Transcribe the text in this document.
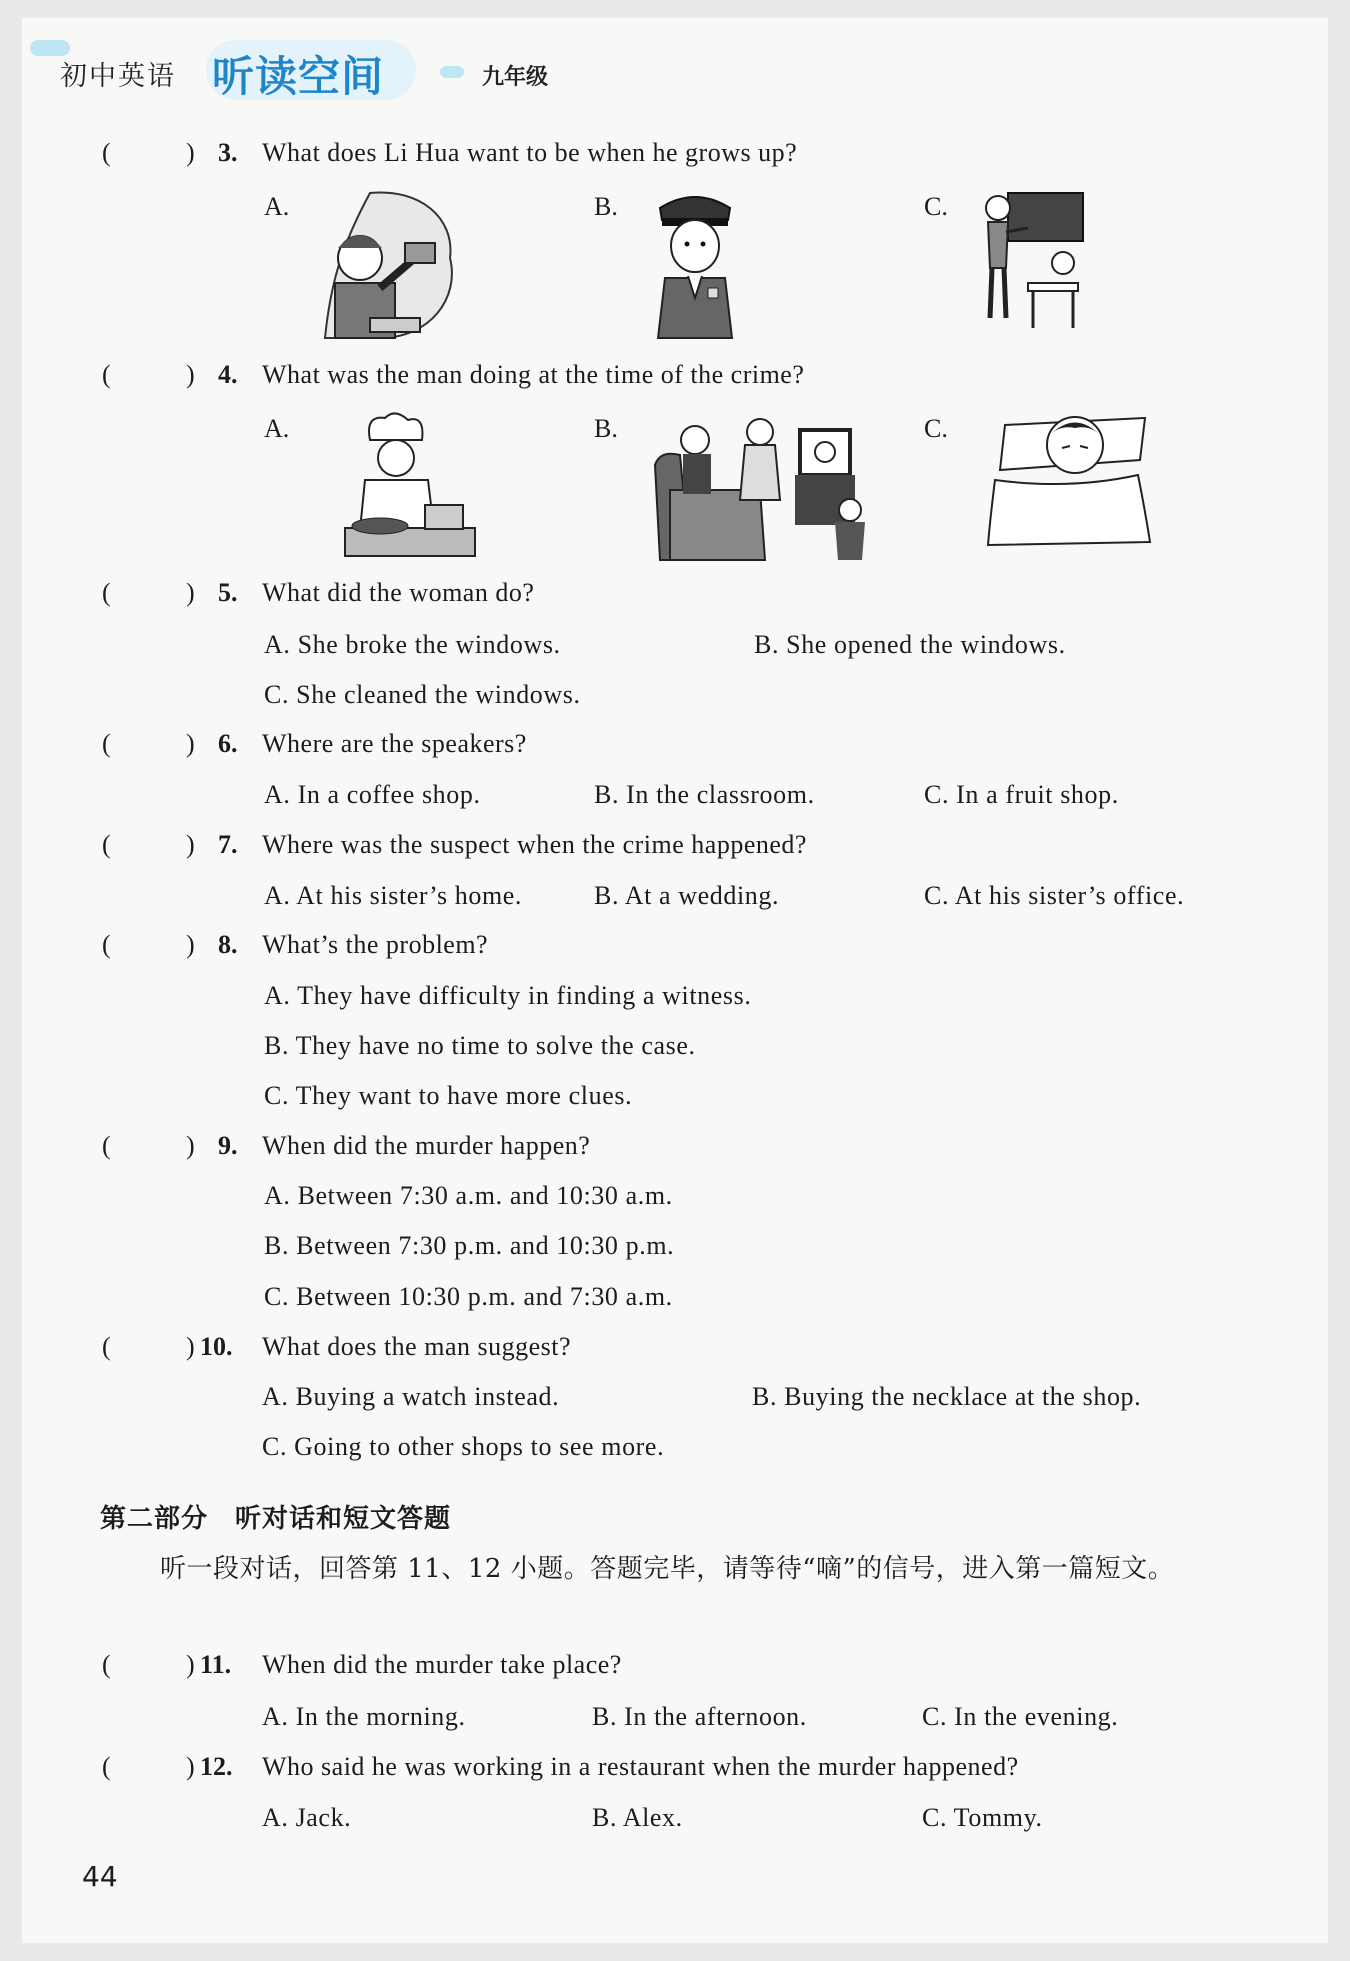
初中英语 听读空间	九年级
(	) 3. What does Li Hua want to be when he grows up?
A.	B.	C.
(	) 4. What was the man doing at the time of the crime?
A.	B.	C.
(	) 5. What did the woman do?
A. She broke the windows.	B. She opened the windows.
C. She cleaned the windows.
(	) 6. Where are the speakers?
A. In a coffee shop.	B. In the classroom.	C. In a fruit shop.
(	) 7. Where was the suspect when the crime happened?
A. At his sister’s home.	B. At a wedding.	C. At his sister’s office.
(	) 8. What’s the problem?
A. They have difficulty in finding a witness.
B. They have no time to solve the case.
C. They want to have more clues.
(	) 9. When did the murder happen?
A. Between 7:30 a.m. and 10:30 a.m.
B. Between 7:30 p.m. and 10:30 p.m.
C. Between 10:30 p.m. and 7:30 a.m.
(	) 10. What does the man suggest?
A. Buying a watch instead.	B. Buying the necklace at the shop.
C. Going to other shops to see more.
第二部分　听对话和短文答题
听一段对话，回答第 11、12 小题。答题完毕，请等待“嘀”的信号，进入第一篇短文。
(	) 11. When did the murder take place?
A. In the morning.	B. In the afternoon.	C. In the evening.
(	) 12. Who said he was working in a restaurant when the murder happened?
A. Jack.	B. Alex.	C. Tommy.
44
